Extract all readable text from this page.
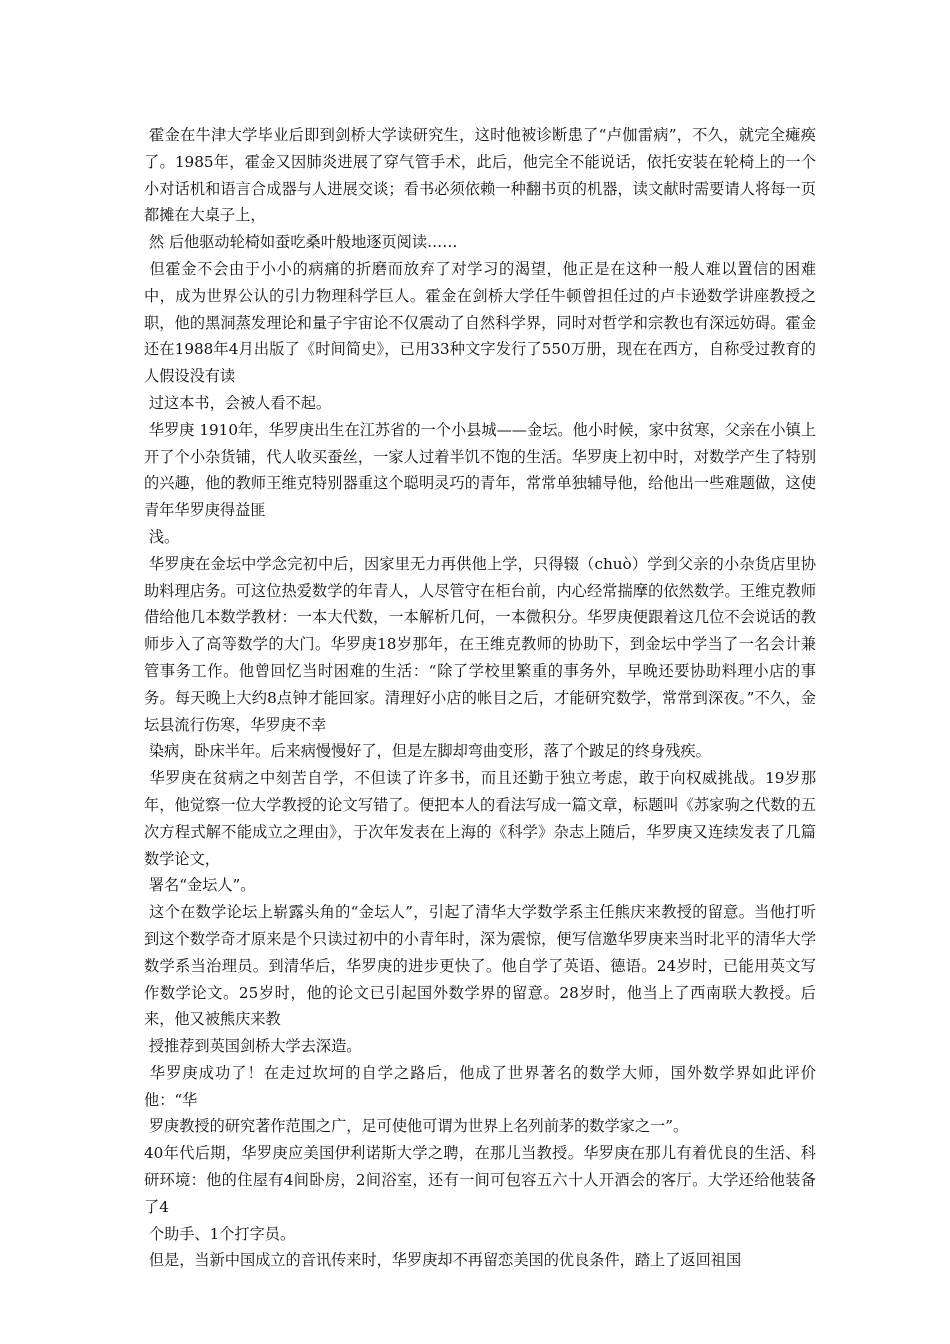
霍金在牛津大学毕业后即到剑桥大学读研究生，这时他被诊断患了“卢伽雷病”，不久，就完全瘫痪了。1985年，霍金又因肺炎进展了穿气管手术，此后，他完全不能说话，依托安装在轮椅上的一个小对话机和语言合成器与人进展交谈；看书必须依赖一种翻书页的机器，读文献时需要请人将每一页都摊在大桌子上，

然 后他驱动轮椅如蚕吃桑叶般地逐页阅读……

但霍金不会由于小小的病痛的折磨而放弃了对学习的渴望，他正是在这种一般人难以置信的困难中，成为世界公认的引力物理科学巨人。霍金在剑桥大学任牛顿曾担任过的卢卡逊数学讲座教授之职，他的黑洞蒸发理论和量子宇宙论不仅震动了自然科学界，同时对哲学和宗教也有深远妨碍。霍金还在1988年4月出版了《时间简史》，已用33种文字发行了550万册，现在在西方，自称受过教育的人假设没有读

过这本书，会被人看不起。

华罗庚 1910年，华罗庚出生在江苏省的一个小县城——金坛。他小时候，家中贫寒，父亲在小镇上开了个小杂货铺，代人收买蚕丝，一家人过着半饥不饱的生活。华罗庚上初中时，对数学产生了特别的兴趣，他的教师王维克特别器重这个聪明灵巧的青年，常常单独辅导他，给他出一些难题做，这使青年华罗庚得益匪

浅。

华罗庚在金坛中学念完初中后，因家里无力再供他上学，只得辍（chuò）学到父亲的小杂货店里协助料理店务。可这位热爱数学的年青人，人尽管守在柜台前，内心经常揣摩的依然数学。王维克教师借给他几本数学教材：一本大代数，一本解析几何，一本微积分。华罗庚便跟着这几位不会说话的教师步入了高等数学的大门。华罗庚18岁那年，在王维克教师的协助下，到金坛中学当了一名会计兼管事务工作。他曾回忆当时困难的生活：“除了学校里繁重的事务外，早晚还要协助料理小店的事务。每天晚上大约8点钟才能回家。清理好小店的帐目之后，才能研究数学，常常到深夜。”不久，金坛县流行伤寒，华罗庚不幸

染病，卧床半年。后来病慢慢好了，但是左脚却弯曲变形，落了个跛足的终身残疾。

华罗庚在贫病之中刻苦自学，不但读了许多书，而且还勤于独立考虑，敢于向权威挑战。19岁那年，他觉察一位大学教授的论文写错了。便把本人的看法写成一篇文章，标题叫《苏家驹之代数的五次方程式解不能成立之理由》，于次年发表在上海的《科学》杂志上随后，华罗庚又连续发表了几篇数学论文，

署名“金坛人”。

这个在数学论坛上崭露头角的“金坛人”，引起了清华大学数学系主任熊庆来教授的留意。当他打听到这个数学奇才原来是个只读过初中的小青年时，深为震惊，便写信邀华罗庚来当时北平的清华大学数学系当治理员。到清华后，华罗庚的进步更快了。他自学了英语、德语。24岁时，已能用英文写作数学论文。25岁时，他的论文已引起国外数学界的留意。28岁时，他当上了西南联大教授。后来，他又被熊庆来教

授推荐到英国剑桥大学去深造。

华罗庚成功了！在走过坎坷的自学之路后，他成了世界著名的数学大师，国外数学界如此评价他：“华

罗庚教授的研究著作范围之广，足可使他可谓为世界上名列前茅的数学家之一”。

40年代后期，华罗庚应美国伊利诺斯大学之聘，在那儿当教授。华罗庚在那儿有着优良的生活、科研环境：他的住屋有4间卧房，2间浴室，还有一间可包容五六十人开酒会的客厅。大学还给他装备了4

个助手、1个打字员。

但是，当新中国成立的音讯传来时，华罗庚却不再留恋美国的优良条件，踏上了返回祖国
